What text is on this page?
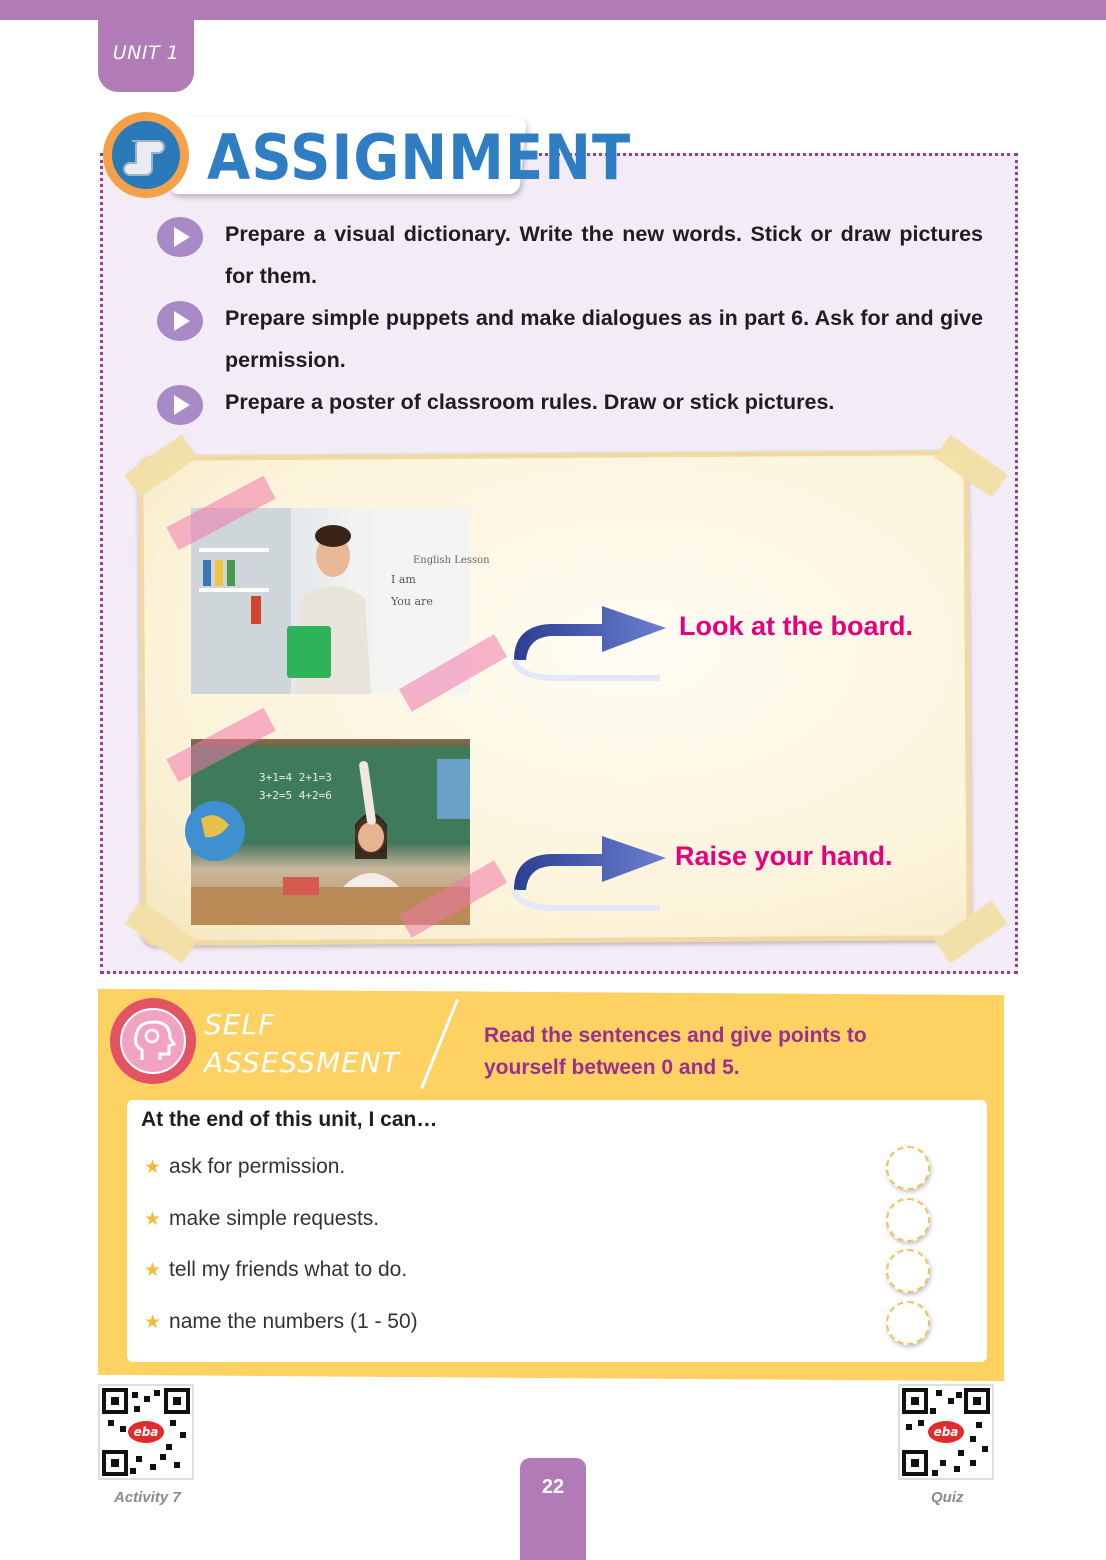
UNIT 1
ASSIGNMENT
Prepare a visual dictionary. Write the new words. Stick or draw pictures for them.
Prepare simple puppets and make dialogues as in part 6. Ask for and give permission.
Prepare a poster of classroom rules. Draw or stick pictures.
English Lesson
I am
You are
3+1=4 2+1=3
3+2=5 4+2=6
Look at the board.
Raise your hand.
SELF
ASSESSMENT
Read the sentences and give points to yourself between 0 and 5.
At the end of this unit, I can…
★ ask for permission.
★ make simple requests.
★ tell my friends what to do.
★ name the numbers (1 - 50)
eba
Activity 7
eba
Quiz
22
